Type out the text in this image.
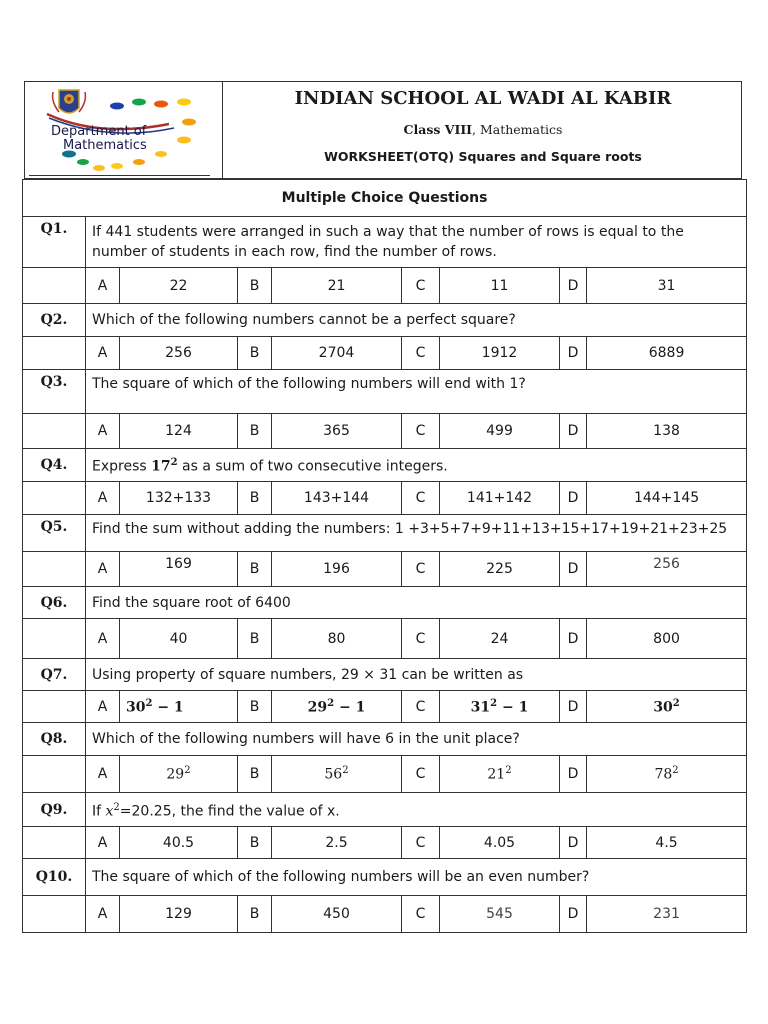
Department of
Mathematics
INDIAN SCHOOL AL WADI AL KABIR
Class VIII, Mathematics
WORKSHEET(OTQ) Squares and Square roots
Multiple Choice Questions								
Q1.	If 441 students were arranged in such a way that the number of rows is equal to the number of students in each row, find the number of rows.							
	A	22	B	21	C	11	D	31
Q2.	Which of the following numbers cannot be a perfect square?							
	A	256	B	2704	C	1912	D	6889
Q3.	The square of which of the following numbers will end with 1?							
	A	124	B	365	C	499	D	138
Q4.	Express $17^2$ as a sum of two consecutive integers.							
	A	132+133	B	143+144	C	141+142	D	144+145
Q5.	Find the sum without adding the numbers: 1 +3+5+7+9+11+13+15+17+19+21+23+25							
	A	169	B	196	C	225	D	256
Q6.	Find the square root of 6400							
	A	40	B	80	C	24	D	800
Q7.	Using property of square numbers, 29 × 31 can be written as							
	A	$30^2 - 1$	B	$29^2 - 1$	C	$31^2 - 1$	D	$30^2$
Q8.	Which of the following numbers will have 6 in the unit place?							
	A	$29^2$	B	$56^2$	C	$21^2$	D	$78^2$
Q9.	If $x^2=20.25$, the find the value of x.							
	A	40.5	B	2.5	C	4.05	D	4.5
Q10.	The square of which of the following numbers will be an even number?							
	A	129	B	450	C	545	D	231
